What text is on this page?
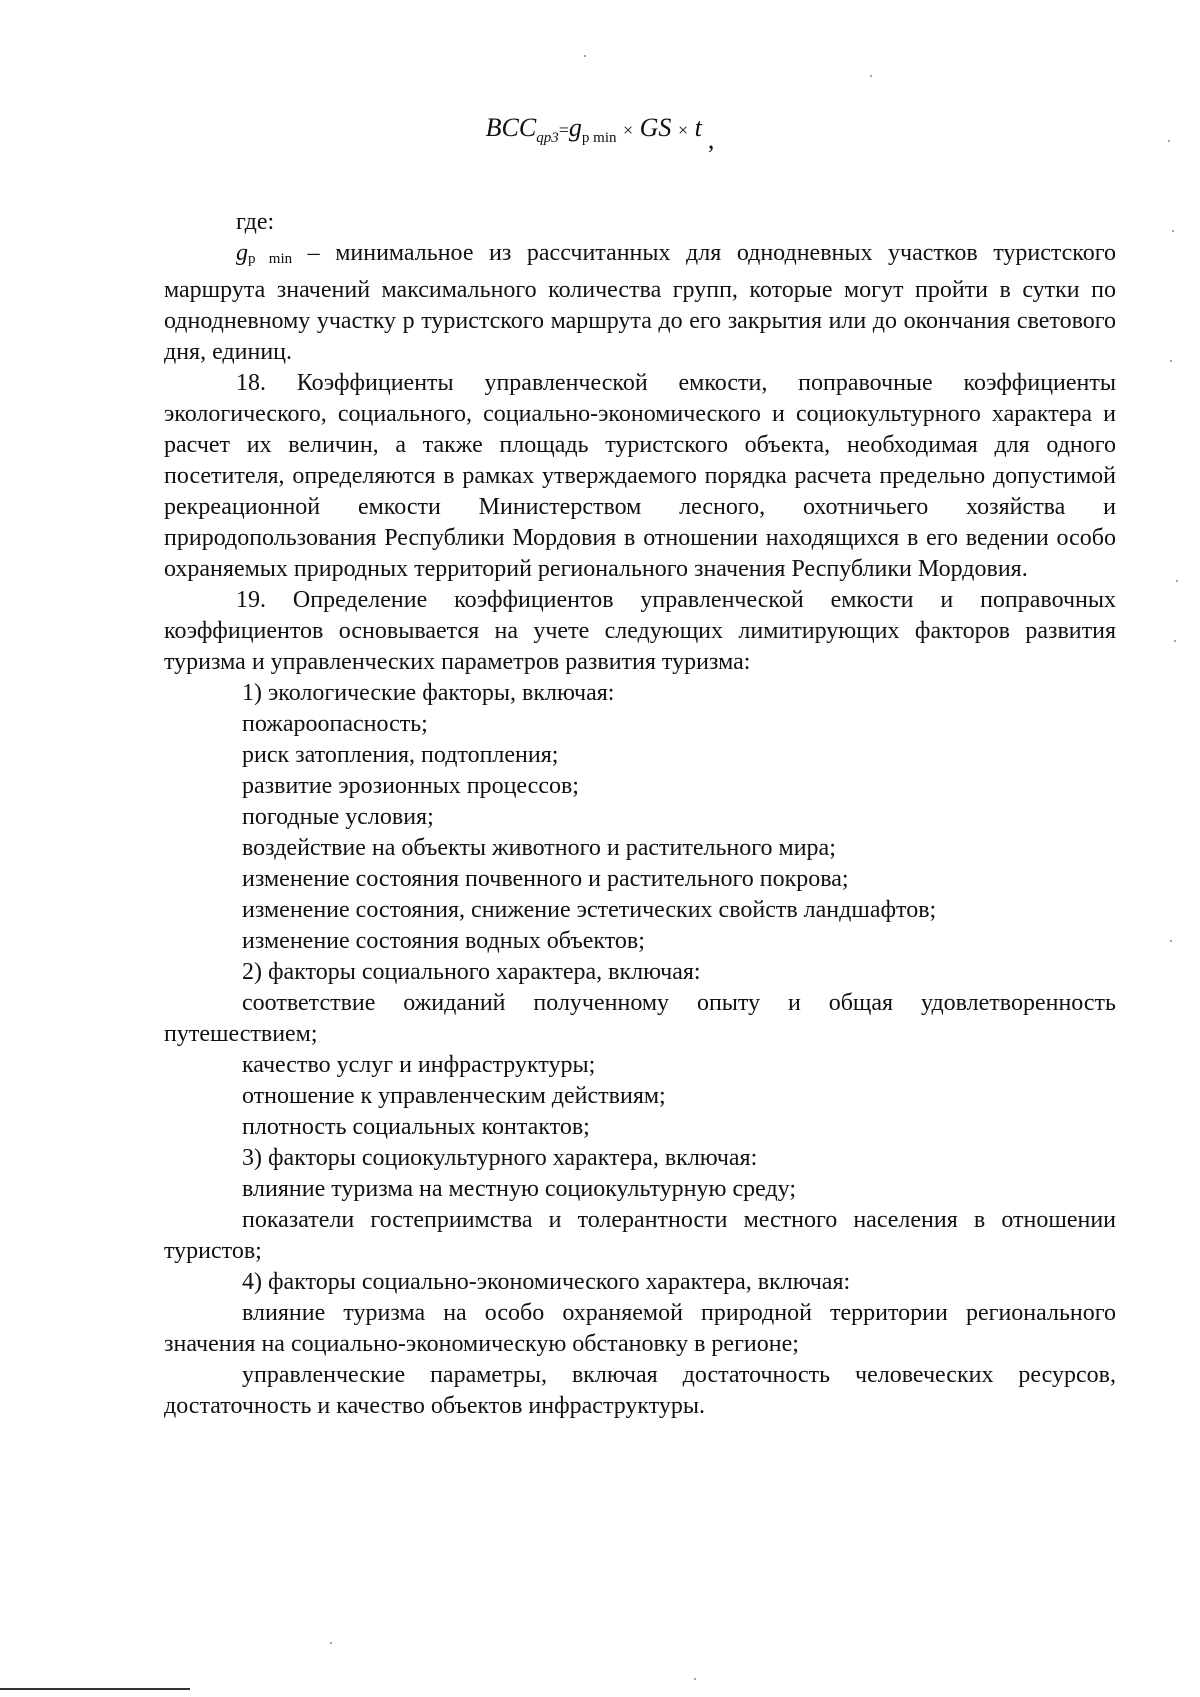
$BCC_{qp3}=g_{p min}$ × GS × t ,

где:

gp min – минимальное из рассчитанных для однодневных участков туристского маршрута значений максимального количества групп, которые могут пройти в сутки по однодневному участку р туристского маршрута до его закрытия или до окончания светового дня, единиц.

18. Коэффициенты управленческой емкости, поправочные коэффициенты экологического, социального, социально-экономического и социокультурного характера и расчет их величин, а также площадь туристского объекта, необходимая для одного посетителя, определяются в рамках утверждаемого порядка расчета предельно допустимой рекреационной емкости Министерством лесного, охотничьего хозяйства и природопользования Республики Мордовия в отношении находящихся в его ведении особо охраняемых природных территорий регионального значения Республики Мордовия.

19. Определение коэффициентов управленческой емкости и поправочных коэффициентов основывается на учете следующих лимитирующих факторов развития туризма и управленческих параметров развития туризма:

1) экологические факторы, включая:

пожароопасность;

риск затопления, подтопления;

развитие эрозионных процессов;

погодные условия;

воздействие на объекты животного и растительного мира;

изменение состояния почвенного и растительного покрова;

изменение состояния, снижение эстетических свойств ландшафтов;

изменение состояния водных объектов;

2) факторы социального характера, включая:

соответствие ожиданий полученному опыту и общая удовлетворенность путешествием;

качество услуг и инфраструктуры;

отношение к управленческим действиям;

плотность социальных контактов;

3) факторы социокультурного характера, включая:

влияние туризма на местную социокультурную среду;

показатели гостеприимства и толерантности местного населения в отношении туристов;

4) факторы социально-экономического характера, включая:

влияние туризма на особо охраняемой природной территории регионального значения на социально-экономическую обстановку в регионе;

управленческие параметры, включая достаточность человеческих ресурсов, достаточность и качество объектов инфраструктуры.
